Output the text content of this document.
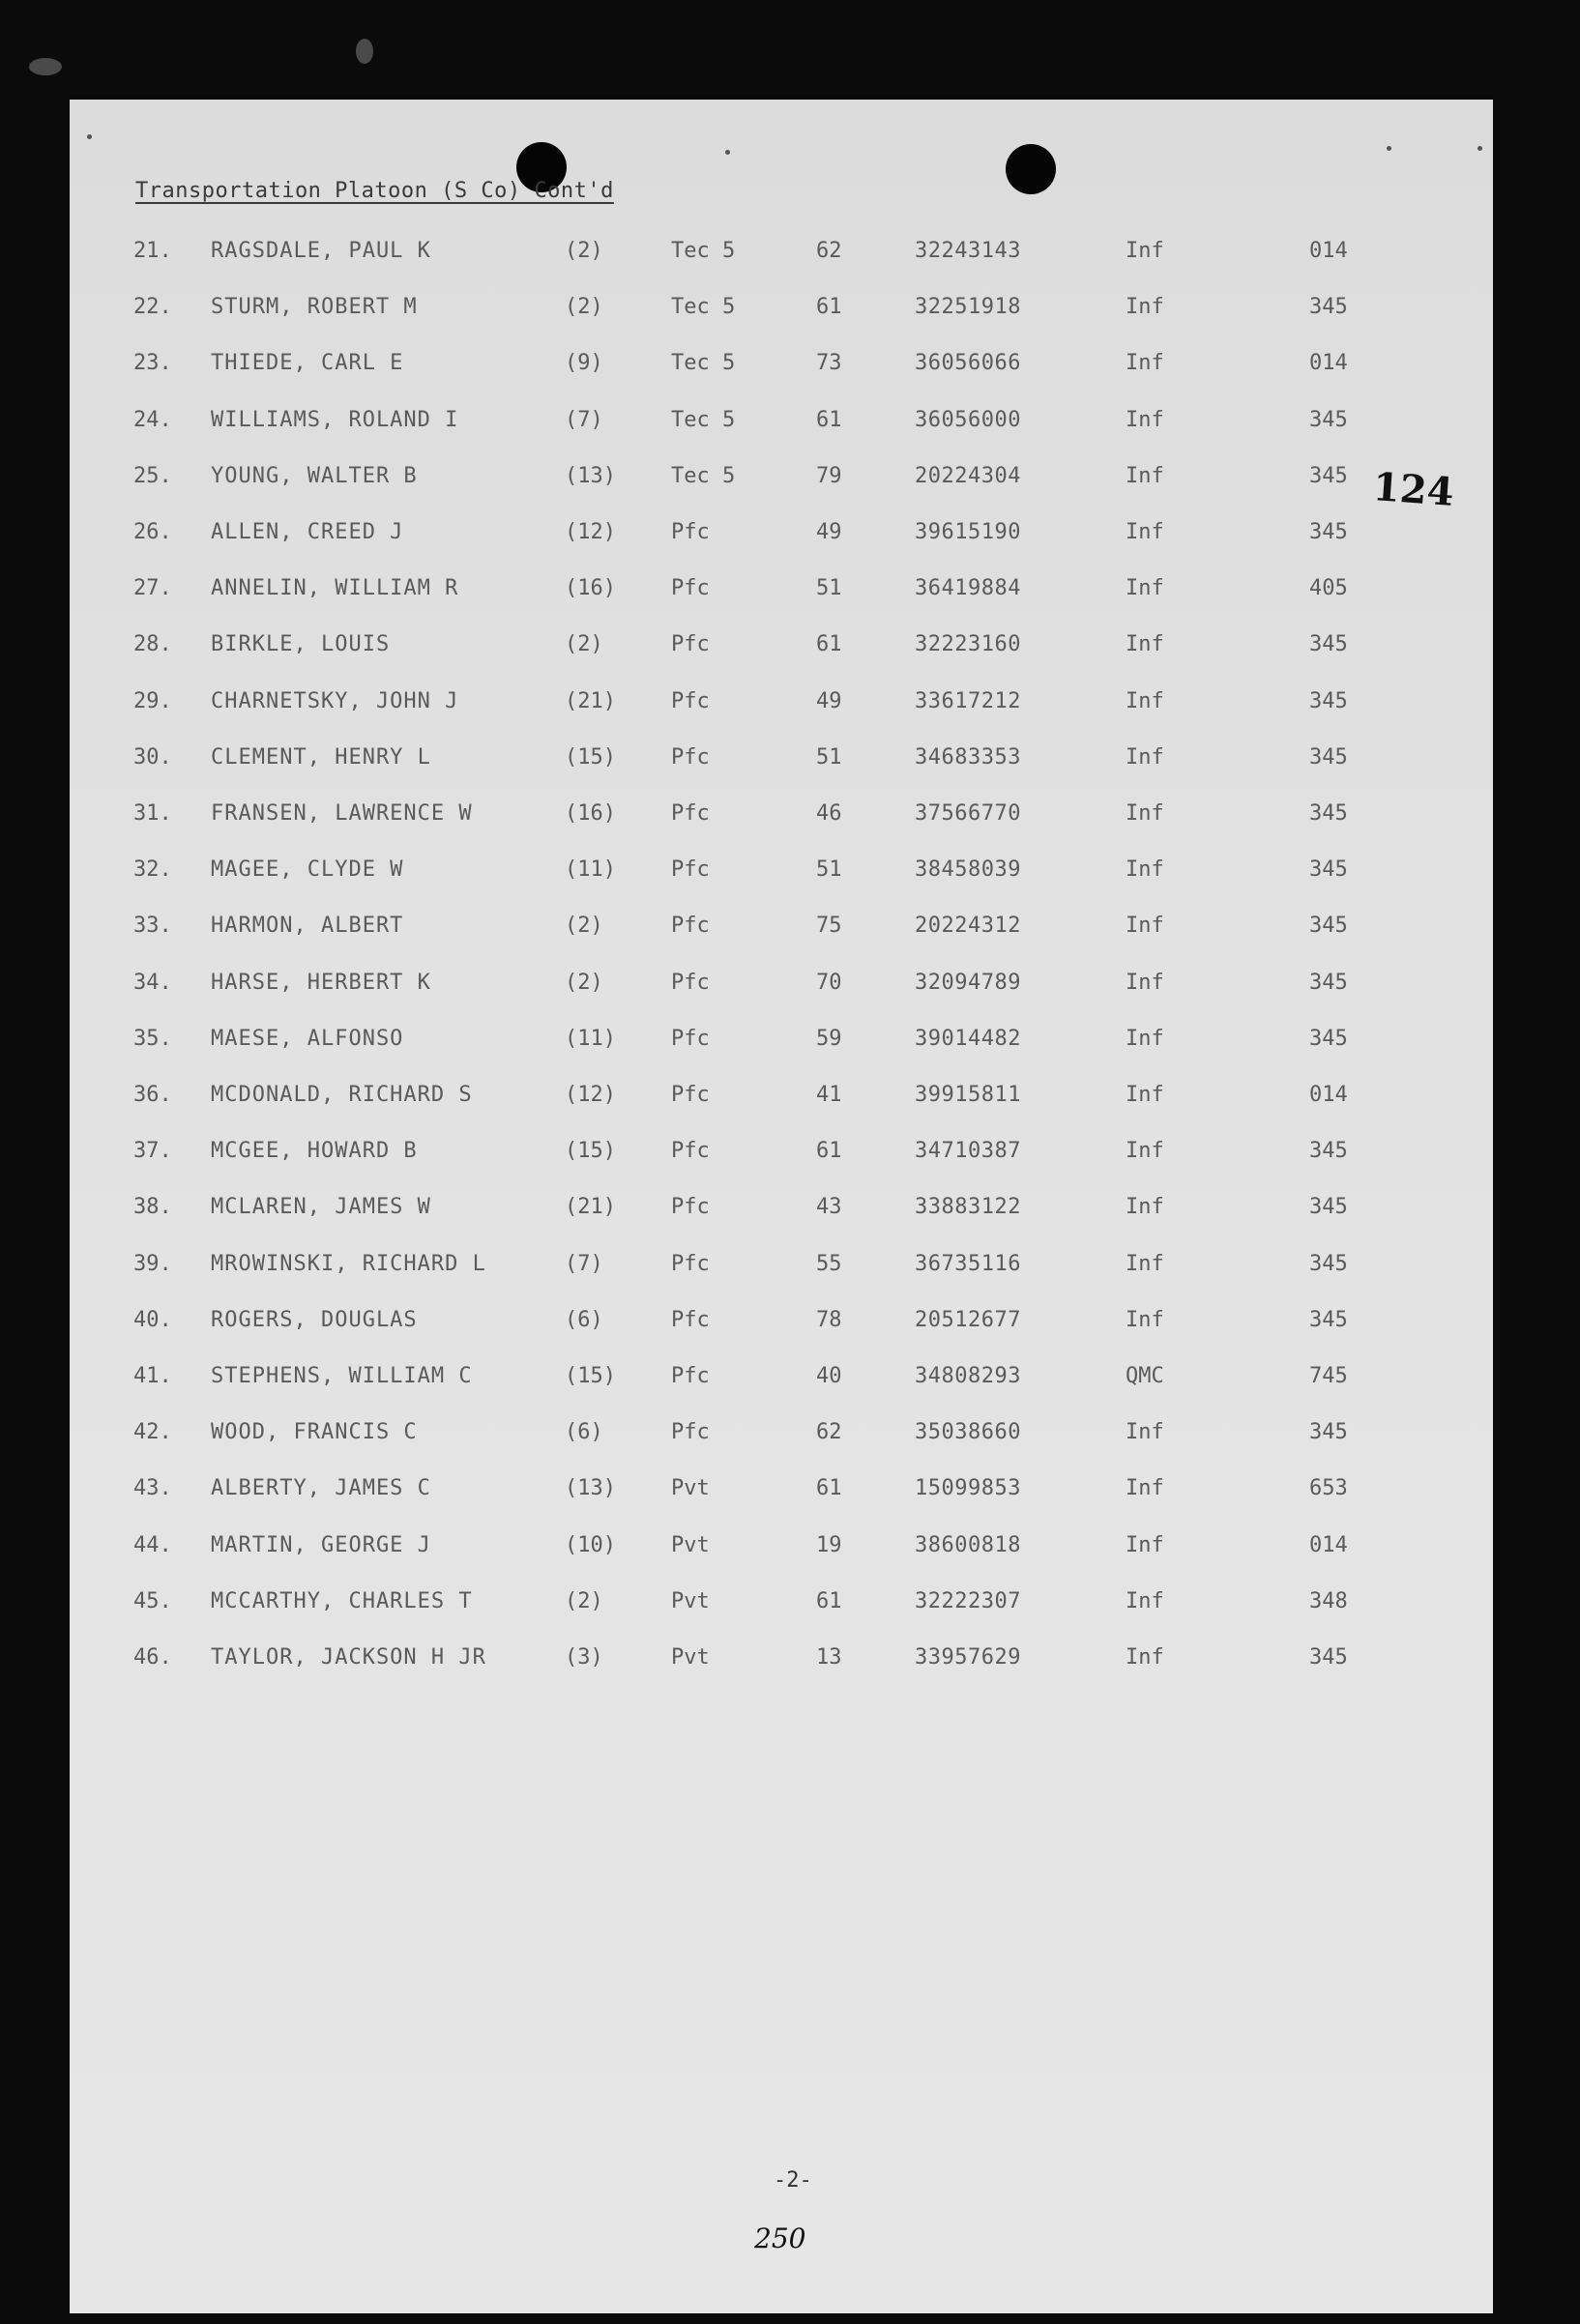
Transportation Platoon (S Co) Cont'd
21. RAGSDALE, PAUL K	(2)	Tec 5	62	32243143	Inf	014
22. STURM, ROBERT M	(2)	Tec 5	61	32251918	Inf	345
23. THIEDE, CARL E	(9)	Tec 5	73	36056066	Inf	014
24. WILLIAMS, ROLAND I	(7)	Tec 5	61	36056000	Inf	345
25. YOUNG, WALTER B	(13)	Tec 5	79	20224304	Inf	345
26. ALLEN, CREED J	(12)	Pfc	49	39615190	Inf	345
27. ANNELIN, WILLIAM R	(16)	Pfc	51	36419884	Inf	405
28. BIRKLE, LOUIS	(2)	Pfc	61	32223160	Inf	345
29. CHARNETSKY, JOHN J	(21)	Pfc	49	33617212	Inf	345
30. CLEMENT, HENRY L	(15)	Pfc	51	34683353	Inf	345
31. FRANSEN, LAWRENCE W	(16)	Pfc	46	37566770	Inf	345
32. MAGEE, CLYDE W	(11)	Pfc	51	38458039	Inf	345
33. HARMON, ALBERT	(2)	Pfc	75	20224312	Inf	345
34. HARSE, HERBERT K	(2)	Pfc	70	32094789	Inf	345
35. MAESE, ALFONSO	(11)	Pfc	59	39014482	Inf	345
36. MCDONALD, RICHARD S	(12)	Pfc	41	39915811	Inf	014
37. MCGEE, HOWARD B	(15)	Pfc	61	34710387	Inf	345
38. MCLAREN, JAMES W	(21)	Pfc	43	33883122	Inf	345
39. MROWINSKI, RICHARD L	(7)	Pfc	55	36735116	Inf	345
40. ROGERS, DOUGLAS	(6)	Pfc	78	20512677	Inf	345
41. STEPHENS, WILLIAM C	(15)	Pfc	40	34808293	QMC	745
42. WOOD, FRANCIS C	(6)	Pfc	62	35038660	Inf	345
43. ALBERTY, JAMES C	(13)	Pvt	61	15099853	Inf	653
44. MARTIN, GEORGE J	(10)	Pvt	19	38600818	Inf	014
45. MCCARTHY, CHARLES T	(2)	Pvt	61	32222307	Inf	348
46. TAYLOR, JACKSON H JR	(3)	Pvt	13	33957629	Inf	345
124
-2-
250
